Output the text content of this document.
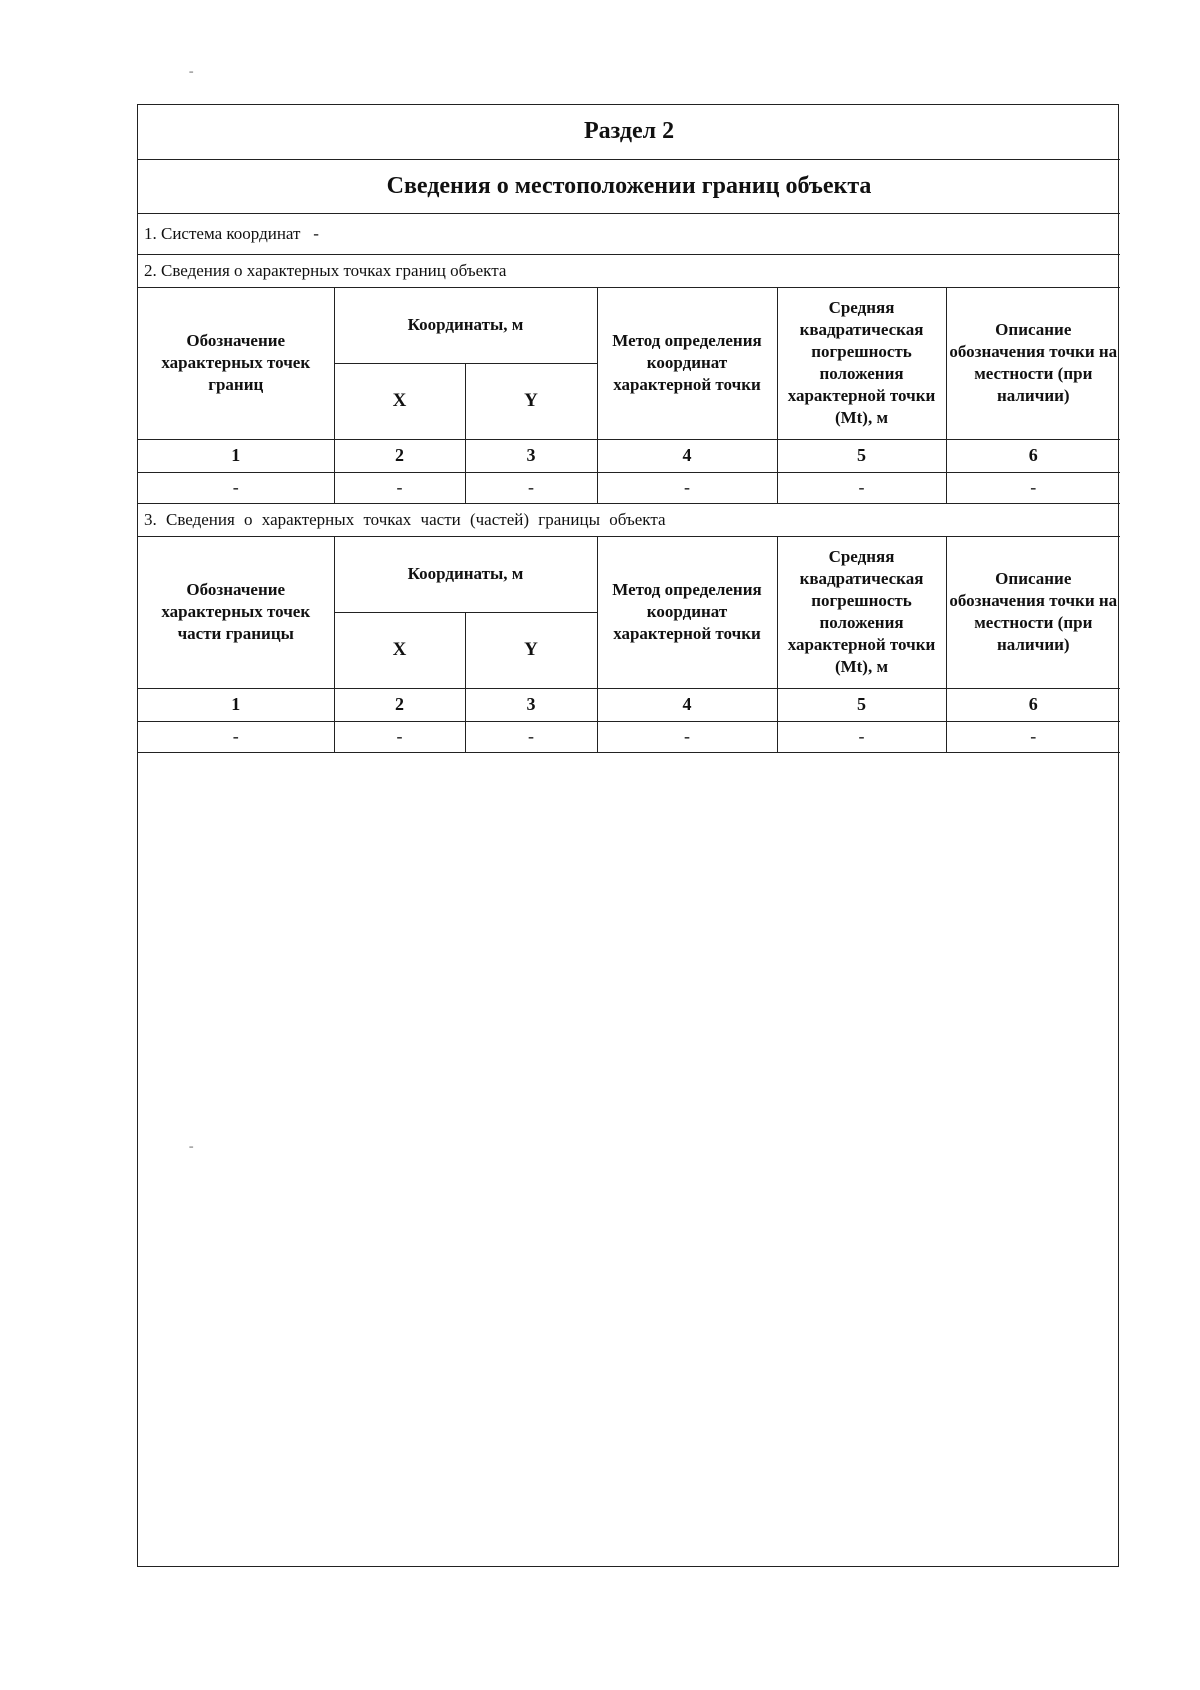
ˉ
ˉ
Раздел 2					
Сведения о местоположении границ объекта					
1. Система координат -					
2. Сведения о характерных точках границ объекта					
Обозначение характерных точек границ	Координаты, м		Метод определения координат характерной точки	Средняя квадратическая погрешность положения характерной точки (Mt), м	Описание обозначения точки на местности (при наличии)
	X	Y			
1	2	3	4	5	6
-	-	-	-	-	-
3. Сведения о характерных точках части (частей) границы объекта					
Обозначение характерных точек части границы	Координаты, м		Метод определения координат характерной точки	Средняя квадратическая погрешность положения характерной точки (Mt), м	Описание обозначения точки на местности (при наличии)
	X	Y			
1	2	3	4	5	6
-	-	-	-	-	-
